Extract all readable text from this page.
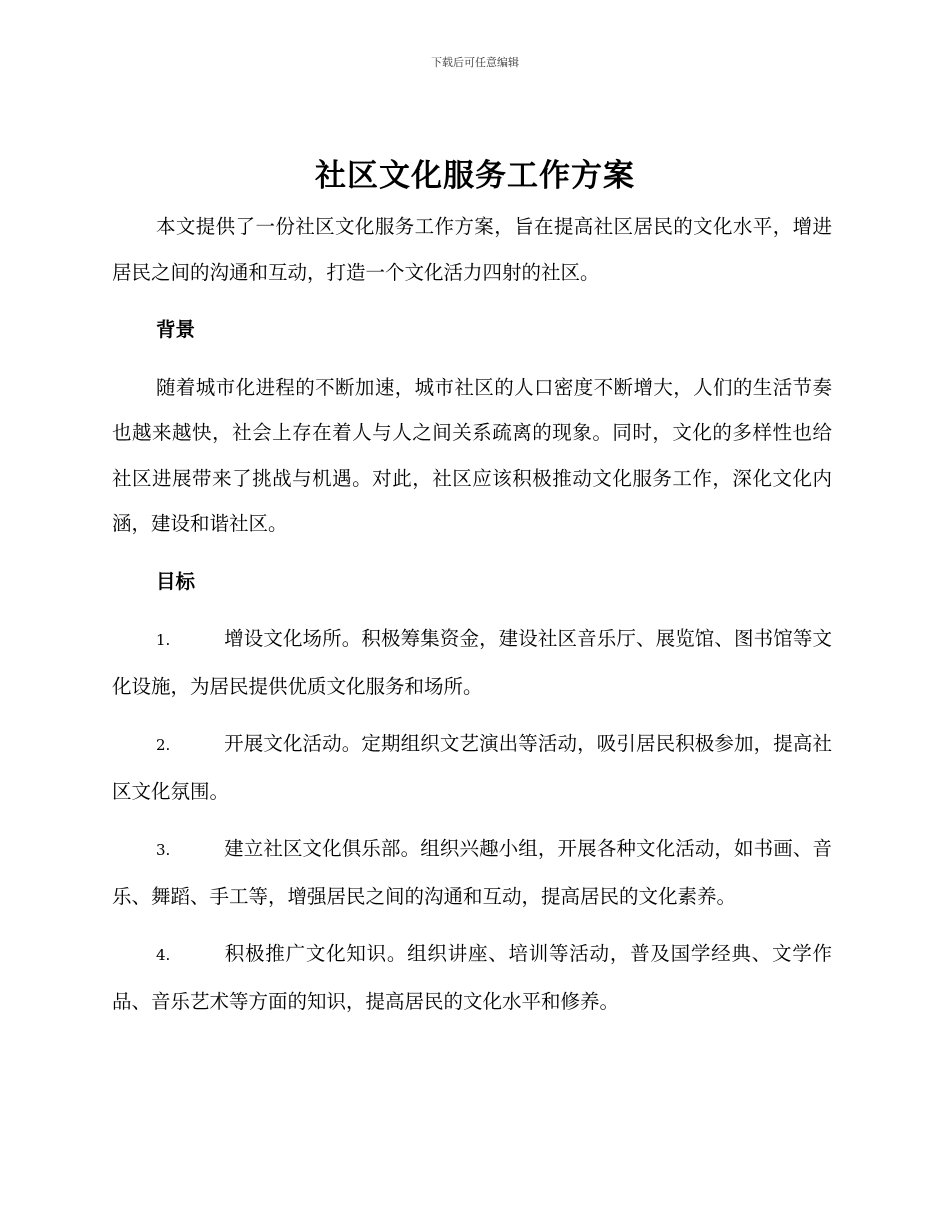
下载后可任意编辑
社区文化服务工作方案

本文提供了一份社区文化服务工作方案，旨在提高社区居民的文化水平，增进居民之间的沟通和互动，打造一个文化活力四射的社区。

背景

随着城市化进程的不断加速，城市社区的人口密度不断增大，人们的生活节奏也越来越快，社会上存在着人与人之间关系疏离的现象。同时，文化的多样性也给社区进展带来了挑战与机遇。对此，社区应该积极推动文化服务工作，深化文化内涵，建设和谐社区。

目标

1.	增设文化场所。积极筹集资金，建设社区音乐厅、展览馆、图书馆等文化设施，为居民提供优质文化服务和场所。

2.	开展文化活动。定期组织文艺演出等活动，吸引居民积极参加，提高社区文化氛围。

3.	建立社区文化俱乐部。组织兴趣小组，开展各种文化活动，如书画、音乐、舞蹈、手工等，增强居民之间的沟通和互动，提高居民的文化素养。

4.	积极推广文化知识。组织讲座、培训等活动，普及国学经典、文学作品、音乐艺术等方面的知识，提高居民的文化水平和修养。
